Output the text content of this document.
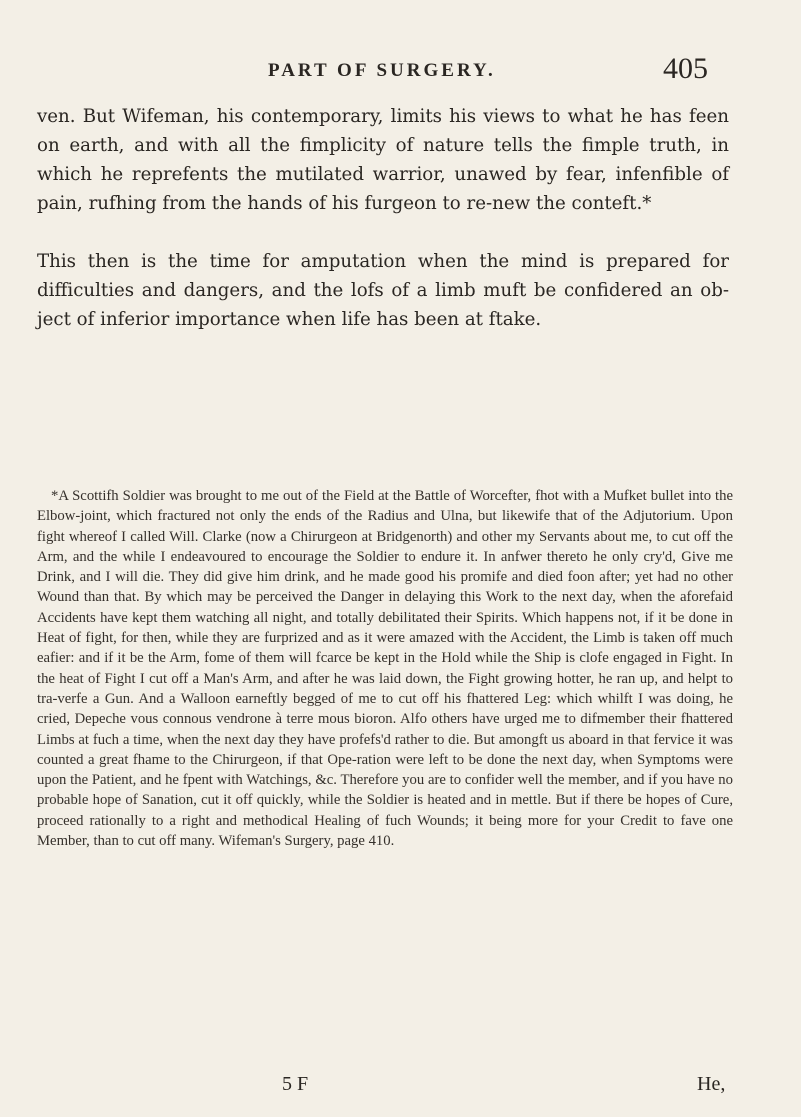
PART OF SURGERY.	405

ven. But Wifeman, his contemporary, limits his views to what he has feen on earth, and with all the fimplicity of nature tells the fimple truth, in which he reprefents the mutilated warrior, unawed by fear, infenfible of pain, rufhing from the hands of his furgeon to re-new the conteft.*

This then is the time for amputation when the mind is prepared for difficulties and dangers, and the lofs of a limb muft be confidered an ob-ject of inferior importance when life has been at ftake.

*A Scottifh Soldier was brought to me out of the Field at the Battle of Worcefter, fhot with a Mufket bullet into the Elbow-joint, which fractured not only the ends of the Radius and Ulna, but likewife that of the Adjutorium. Upon fight whereof I called Will. Clarke (now a Chirurgeon at Bridgenorth) and other my Servants about me, to cut off the Arm, and the while I endeavoured to encourage the Soldier to endure it. In anfwer thereto he only cry'd, Give me Drink, and I will die. They did give him drink, and he made good his promife and died foon after; yet had no other Wound than that. By which may be perceived the Danger in delaying this Work to the next day, when the aforefaid Accidents have kept them watching all night, and totally debilitated their Spirits. Which happens not, if it be done in Heat of fight, for then, while they are furprized and as it were amazed with the Accident, the Limb is taken off much eafier: and if it be the Arm, fome of them will fcarce be kept in the Hold while the Ship is clofe engaged in Fight. In the heat of Fight I cut off a Man's Arm, and after he was laid down, the Fight growing hotter, he ran up, and helpt to tra-verfe a Gun. And a Walloon earneftly begged of me to cut off his fhattered Leg: which whilft I was doing, he cried, Depeche vous connous vendrone à terre mous bioron. Alfo others have urged me to difmember their fhattered Limbs at fuch a time, when the next day they have profefs'd rather to die. But amongft us aboard in that fervice it was counted a great fhame to the Chirurgeon, if that Ope-ration were left to be done the next day, when Symptoms were upon the Patient, and he fpent with Watchings, &c. Therefore you are to confider well the member, and if you have no probable hope of Sanation, cut it off quickly, while the Soldier is heated and in mettle. But if there be hopes of Cure, proceed rationally to a right and methodical Healing of fuch Wounds; it being more for your Credit to fave one Member, than to cut off many. Wifeman's Surgery, page 410.

5 F	He,
